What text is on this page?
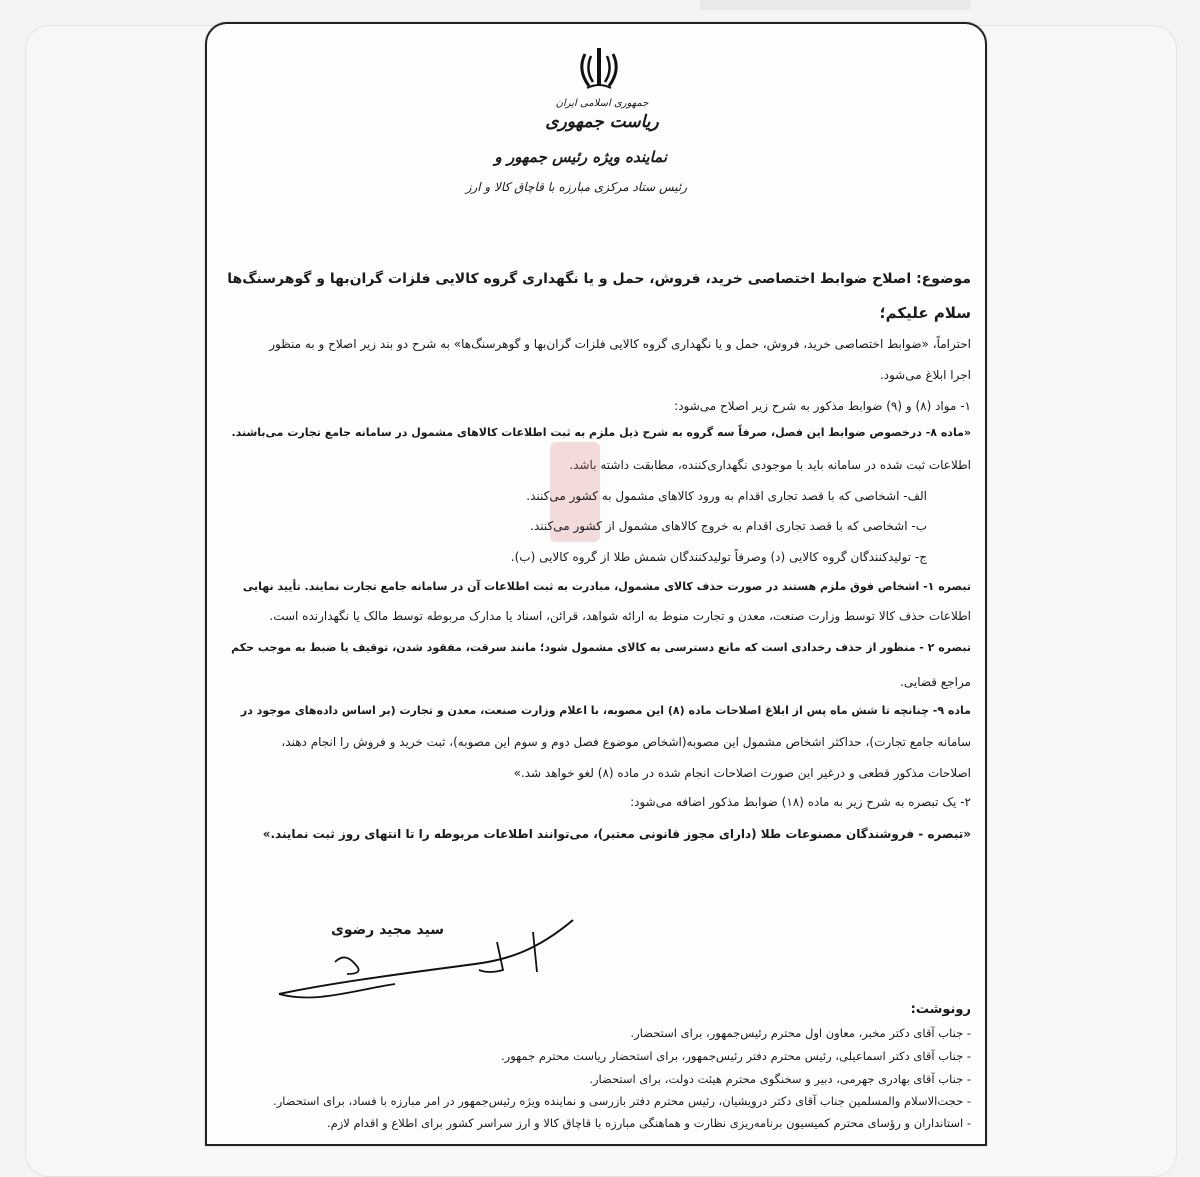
جمهوری اسلامی ایران
ریاست جمهوری
نماینده ویژه رئیس جمهور و
رئیس ستاد مرکزی مبارزه با قاچاق کالا و ارز
موضوع: اصلاح ضوابط اختصاصی خرید، فروش، حمل و یا نگهداری گروه کالایی فلزات گران‌بها و گوهرسنگ‌ها
سلام علیکم؛
احتراماً، «ضوابط اختصاصی خرید، فروش، حمل و یا نگهداری گروه کالایی فلزات گران‌بها و گوهرسنگ‌ها» به شرح دو بند زیر اصلاح و به منظور
اجرا ابلاغ می‌شود.
۱- مواد (۸) و (۹) ضوابط مذکور به شرح زیر اصلاح می‌شود:
«ماده ۸- درخصوص ضوابط این فصل، صرفاً سه گروه به شرح ذیل ملزم به ثبت اطلاعات کالاهای مشمول در سامانه جامع تجارت می‌باشند.
اطلاعات ثبت شده در سامانه باید با موجودی نگهداری‌کننده، مطابقت داشته باشد.
الف- اشخاصی که با قصد تجاری اقدام به ورود کالاهای مشمول به کشور می‌کنند.
ب- اشخاصی که با قصد تجاری اقدام به خروج کالاهای مشمول از کشور می‌کنند.
ج- تولیدکنندگان گروه کالایی (د) وصرفاً تولیدکنندگان شمش طلا از گروه کالایی (ب).
تبصره ۱- اشخاص فوق ملزم هستند در صورت حذف کالای مشمول، مبادرت به ثبت اطلاعات آن در سامانه جامع تجارت نمایند. تأیید نهایی
اطلاعات حذف کالا توسط وزارت صنعت، معدن و تجارت منوط به ارائه شواهد، قرائن، اسناد یا مدارک مربوطه توسط مالک یا نگهدارنده است.
تبصره ۲ - منظور از حذف رخدادی است که مانع دسترسی به کالای مشمول شود؛ مانند سرقت، مفقود شدن، توقیف یا ضبط به موجب حکم
مراجع قضایی.
ماده ۹- چنانچه تا شش ماه پس از ابلاغ اصلاحات ماده (۸) این مصوبه، با اعلام وزارت صنعت، معدن و تجارت (بر اساس داده‌های موجود در
سامانه جامع تجارت)، حداکثر اشخاص مشمول این مصوبه(اشخاص موضوع فصل دوم و سوم این مصوبه)، ثبت خرید و فروش را انجام دهند،
اصلاحات مذکور قطعی و درغیر این صورت اصلاحات انجام شده در ماده (۸) لغو خواهد شد.»
۲- یک تبصره به شرح زیر به ماده (۱۸) ضوابط مذکور اضافه می‌شود:
«تبصره - فروشندگان مصنوعات طلا (دارای مجوز قانونی معتبر)، می‌توانند اطلاعات مربوطه را تا انتهای روز ثبت نمایند.»
سید مجید رضوی
رونوشت:
- جناب آقای دکتر مخبر، معاون اول محترم رئیس‌جمهور، برای استحضار.
- جناب آقای دکتر اسماعیلی، رئیس محترم دفتر رئیس‌جمهور، برای استحضار ریاست محترم جمهور.
- جناب آقای بهادری جهرمی، دبیر و سخنگوی محترم هیئت دولت، برای استحضار.
- حجت‌الاسلام والمسلمین جناب آقای دکتر درویشیان، رئیس محترم دفتر بازرسی و نماینده ویژه رئیس‌جمهور در امر مبارزه با فساد، برای استحضار.
- استانداران و رؤسای محترم کمیسیون برنامه‌ریزی نظارت و هماهنگی مبارزه با قاچاق کالا و ارز سراسر کشور برای اطلاع و اقدام لازم.
